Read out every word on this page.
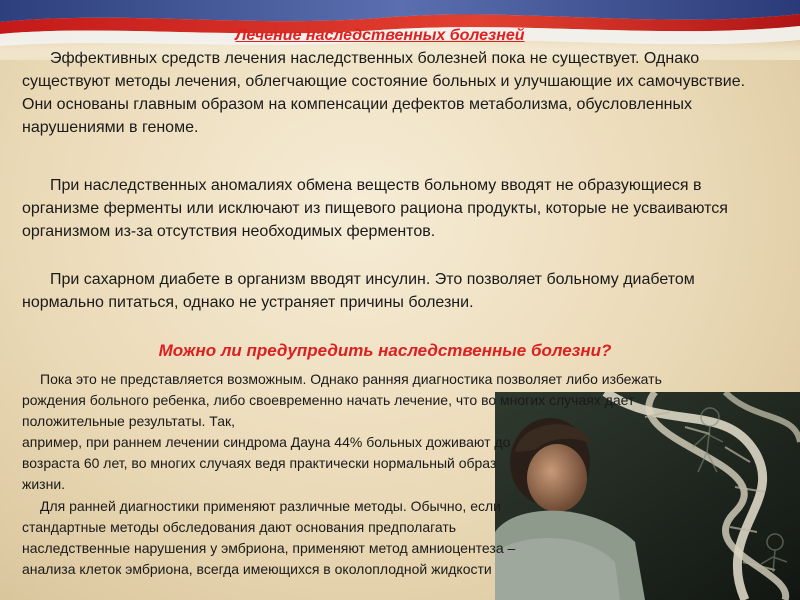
Лечение наследственных болезней
Эффективных средств лечения наследственных болезней пока не существует. Однако существуют методы лечения, облегчающие состояние больных и улучшающие их самочувствие. Они основаны главным образом на компенсации дефектов метаболизма, обусловленных нарушениями в геноме.
При наследственных аномалиях обмена веществ больному вводят не образующиеся в организме ферменты или исключают из пищевого рациона продукты, которые не усваиваются организмом из-за отсутствия необходимых ферментов.
При сахарном диабете в организм вводят инсулин. Это позволяет больному диабетом нормально питаться, однако не устраняет причины болезни.
Можно ли предупредить наследственные болезни?
Пока это не представляется возможным. Однако ранняя диагностика позволяет либо избежать рождения больного ребенка, либо своевременно начать лечение, что во многих случаях дает положительные результаты. Так,
апример, при раннем лечении синдрома Дауна 44% больных доживают до возраста 60 лет, во многих случаях ведя практически нормальный образ жизни.
Для ранней диагностики применяют различные методы. Обычно, если стандартные методы обследования дают основания предполагать наследственные нарушения у эмбриона, применяют метод амниоцентеза – анализа клеток эмбриона, всегда имеющихся в околоплодной жидкости
